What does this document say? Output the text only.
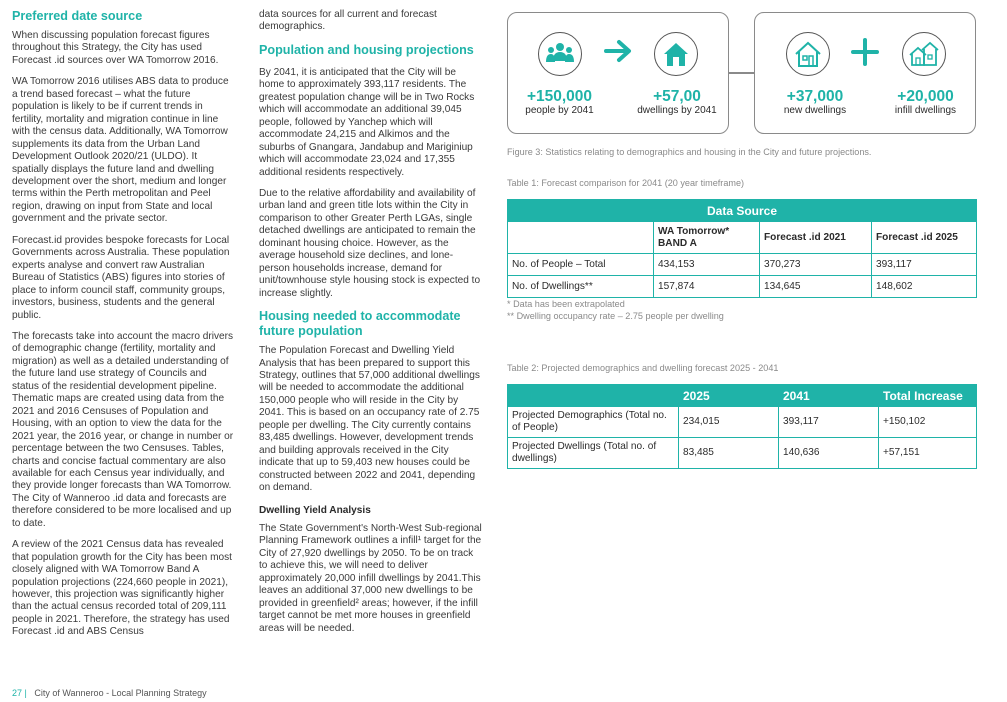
Preferred date source

When discussing population forecast figures throughout this Strategy, the City has used Forecast .id sources over WA Tomorrow 2016.

WA Tomorrow 2016 utilises ABS data to produce a trend based forecast – what the future population is likely to be if current trends in fertility, mortality and migration continue in line with the census data. Additionally, WA Tomorrow supplements its data from the Urban Land Development Outlook 2020/21 (ULDO). It spatially displays the future land and dwelling development over the short, medium and longer terms within the Perth metropolitan and Peel region, drawing on input from State and local government and the private sector.

Forecast.id provides bespoke forecasts for Local Governments across Australia. These population experts analyse and convert raw Australian Bureau of Statistics (ABS) figures into stories of place to inform council staff, community groups, investors, business, students and the general public.

The forecasts take into account the macro drivers of demographic change (fertility, mortality and migration) as well as a detailed understanding of the future land use strategy of Councils and status of the residential development pipeline. Thematic maps are created using data from the 2021 and 2016 Censuses of Population and Housing, with an option to view the data for the 2021 year, the 2016 year, or change in number or percentage between the two Censuses. Tables, charts and concise factual commentary are also available for each Census year individually, and they provide longer forecasts than WA Tomorrow. The City of Wanneroo .id data and forecasts are therefore considered to be more localised and up to date.

A review of the 2021 Census data has revealed that population growth for the City has been most closely aligned with WA Tomorrow Band A population projections (224,660 people in 2021), however, this projection was significantly higher than the actual census recorded total of 209,111 people in 2021. Therefore, the strategy has used Forecast .id and ABS Census

data sources for all current and forecast demographics.

Population and housing projections

By 2041, it is anticipated that the City will be home to approximately 393,117 residents. The greatest population change will be in Two Rocks which will accommodate an additional 39,045 people, followed by Yanchep which will accommodate 24,215 and Alkimos and the suburbs of Gnangara, Jandabup and Mariginiup which will accommodate 23,024 and 17,355 additional residents respectively.

Due to the relative affordability and availability of urban land and green title lots within the City in comparison to other Greater Perth LGAs, single detached dwellings are anticipated to remain the dominant housing choice. However, as the average household size declines, and lone-person households increase, demand for unit/townhouse style housing stock is expected to increase slightly.

Housing needed to accommodate future population

The Population Forecast and Dwelling Yield Analysis that has been prepared to support this Strategy, outlines that 57,000 additional dwellings will be needed to accommodate the additional 150,000 people who will reside in the City by 2041. This is based on an occupancy rate of 2.75 people per dwelling. The City currently contains 83,485 dwellings. However, development trends and building approvals received in the City indicate that up to 59,403 new houses could be constructed between 2022 and 2041, depending on demand.

Dwelling Yield Analysis

The State Government's North-West Sub-regional Planning Framework outlines a infill¹ target for the City of 27,920 dwellings by 2050. To be on track to achieve this, we will need to deliver approximately 20,000 infill dwellings by 2041.This leaves an additional 37,000 new dwellings to be provided in greenfield² areas; however, if the infill target cannot be met more houses in greenfield areas will be needed.

+150,000
people by 2041
+57,00
dwellings by 2041
+37,000
new dwellings
+20,000
infill dwellings
Figure 3: Statistics relating to demographics and housing in the City and future projections.
Table 1: Forecast comparison for 2041 (20 year timeframe)
Data Source			
	WA Tomorrow* BAND A	Forecast .id 2021	Forecast .id 2025
No. of People – Total	434,153	370,273	393,117
No. of Dwellings**	157,874	134,645	148,602
* Data has been extrapolated
** Dwelling occupancy rate – 2.75 people per dwelling
Table 2: Projected demographics and dwelling forecast 2025 - 2041
	2025	2041	Total Increase
Projected Demographics (Total no. of People)	234,015	393,117	+150,102
Projected Dwellings (Total no. of dwellings)	83,485	140,636	+57,151
27 | City of Wanneroo - Local Planning Strategy
